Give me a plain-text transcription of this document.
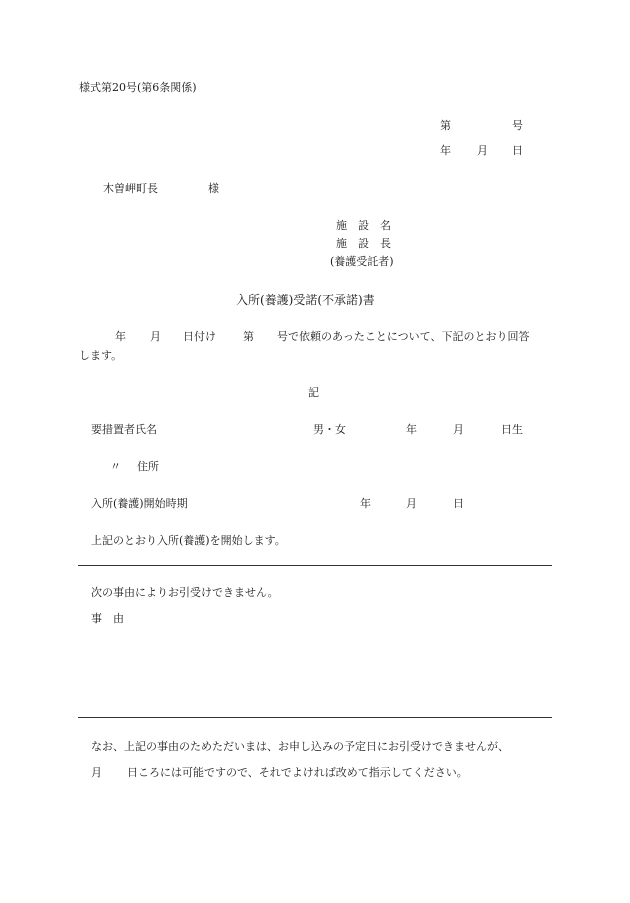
様式第20号(第6条関係)
第	号
年 月 日
木曽岬町長	様
施　設　名
施　設　長
(養護受託者)
入所(養護)受諾(不承諾)書
年 月 日付け 第 号で依頼のあったことについて、下記のとおり回答
します。
記
要措置者氏名	男・女	年	月	日生
〃 住所
入所(養護)開始時期	年	月	日
上記のとおり入所(養護)を開始します。
次の事由によりお引受けできません。
事　由
なお、上記の事由のためただいまは、お申し込みの予定日にお引受けできませんが、
月 日ころには可能ですので、それでよければ改めて指示してください。
